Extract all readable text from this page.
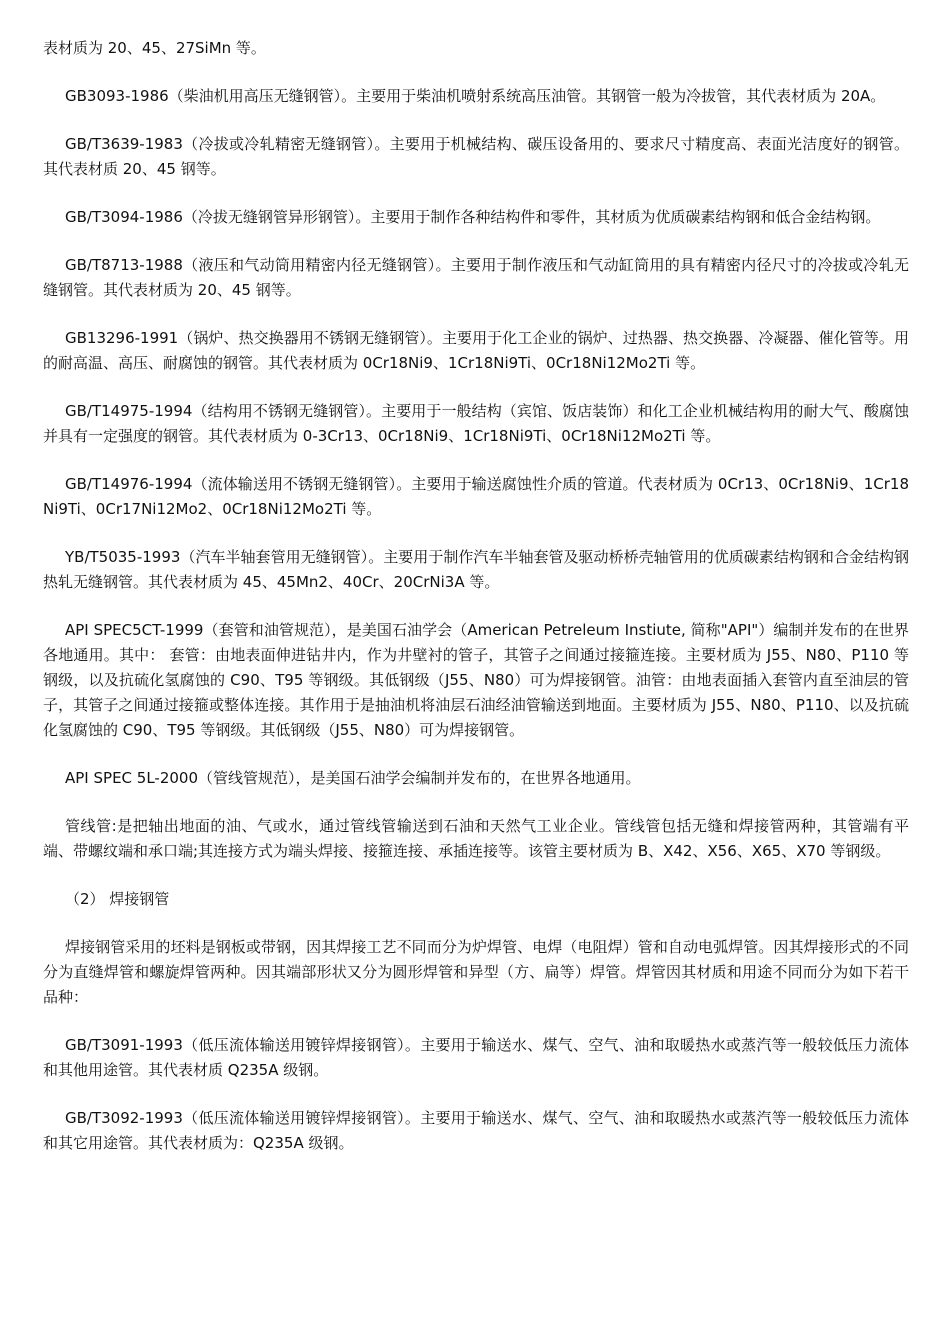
表材质为 20、45、27SiMn 等。

GB3093-1986（柴油机用高压无缝钢管）。主要用于柴油机喷射系统高压油管。其钢管一般为冷拔管，其代表材质为 20A。

GB/T3639-1983（冷拔或冷轧精密无缝钢管）。主要用于机械结构、碳压设备用的、要求尺寸精度高、表面光洁度好的钢管。其代表材质 20、45 钢等。

GB/T3094-1986（冷拔无缝钢管异形钢管）。主要用于制作各种结构件和零件，其材质为优质碳素结构钢和低合金结构钢。

GB/T8713-1988（液压和气动筒用精密内径无缝钢管）。主要用于制作液压和气动缸筒用的具有精密内径尺寸的冷拔或冷轧无缝钢管。其代表材质为 20、45 钢等。

GB13296-1991（锅炉、热交换器用不锈钢无缝钢管）。主要用于化工企业的锅炉、过热器、热交换器、冷凝器、催化管等。用的耐高温、高压、耐腐蚀的钢管。其代表材质为 0Cr18Ni9、1Cr18Ni9Ti、0Cr18Ni12Mo2Ti 等。

GB/T14975-1994（结构用不锈钢无缝钢管）。主要用于一般结构（宾馆、饭店装饰）和化工企业机械结构用的耐大气、酸腐蚀并具有一定强度的钢管。其代表材质为 0-3Cr13、0Cr18Ni9、1Cr18Ni9Ti、0Cr18Ni12Mo2Ti 等。

GB/T14976-1994（流体输送用不锈钢无缝钢管）。主要用于输送腐蚀性介质的管道。代表材质为 0Cr13、0Cr18Ni9、1Cr18Ni9Ti、0Cr17Ni12Mo2、0Cr18Ni12Mo2Ti 等。

YB/T5035-1993（汽车半轴套管用无缝钢管）。主要用于制作汽车半轴套管及驱动桥桥壳轴管用的优质碳素结构钢和合金结构钢热轧无缝钢管。其代表材质为 45、45Mn2、40Cr、20CrNi3A 等。

API SPEC5CT-1999（套管和油管规范），是美国石油学会（American Petreleum Instiute, 简称"API"）编制并发布的在世界各地通用。其中： 套管：由地表面伸进钻井内，作为井壁衬的管子，其管子之间通过接箍连接。主要材质为 J55、N80、P110 等钢级，以及抗硫化氢腐蚀的 C90、T95 等钢级。其低钢级（J55、N80）可为焊接钢管。油管：由地表面插入套管内直至油层的管子，其管子之间通过接箍或整体连接。其作用于是抽油机将油层石油经油管输送到地面。主要材质为 J55、N80、P110、以及抗硫化氢腐蚀的 C90、T95 等钢级。其低钢级（J55、N80）可为焊接钢管。

API SPEC 5L-2000（管线管规范），是美国石油学会编制并发布的，在世界各地通用。

管线管:是把轴出地面的油、气或水，通过管线管输送到石油和天然气工业企业。管线管包括无缝和焊接管两种，其管端有平端、带螺纹端和承口端;其连接方式为端头焊接、接箍连接、承插连接等。该管主要材质为 B、X42、X56、X65、X70 等钢级。

（2） 焊接钢管

焊接钢管采用的坯料是钢板或带钢，因其焊接工艺不同而分为炉焊管、电焊（电阻焊）管和自动电弧焊管。因其焊接形式的不同分为直缝焊管和螺旋焊管两种。因其端部形状又分为圆形焊管和异型（方、扁等）焊管。焊管因其材质和用途不同而分为如下若干品种：

GB/T3091-1993（低压流体输送用镀锌焊接钢管）。主要用于输送水、煤气、空气、油和取暖热水或蒸汽等一般较低压力流体和其他用途管。其代表材质 Q235A 级钢。

GB/T3092-1993（低压流体输送用镀锌焊接钢管）。主要用于输送水、煤气、空气、油和取暖热水或蒸汽等一般较低压力流体和其它用途管。其代表材质为：Q235A 级钢。
